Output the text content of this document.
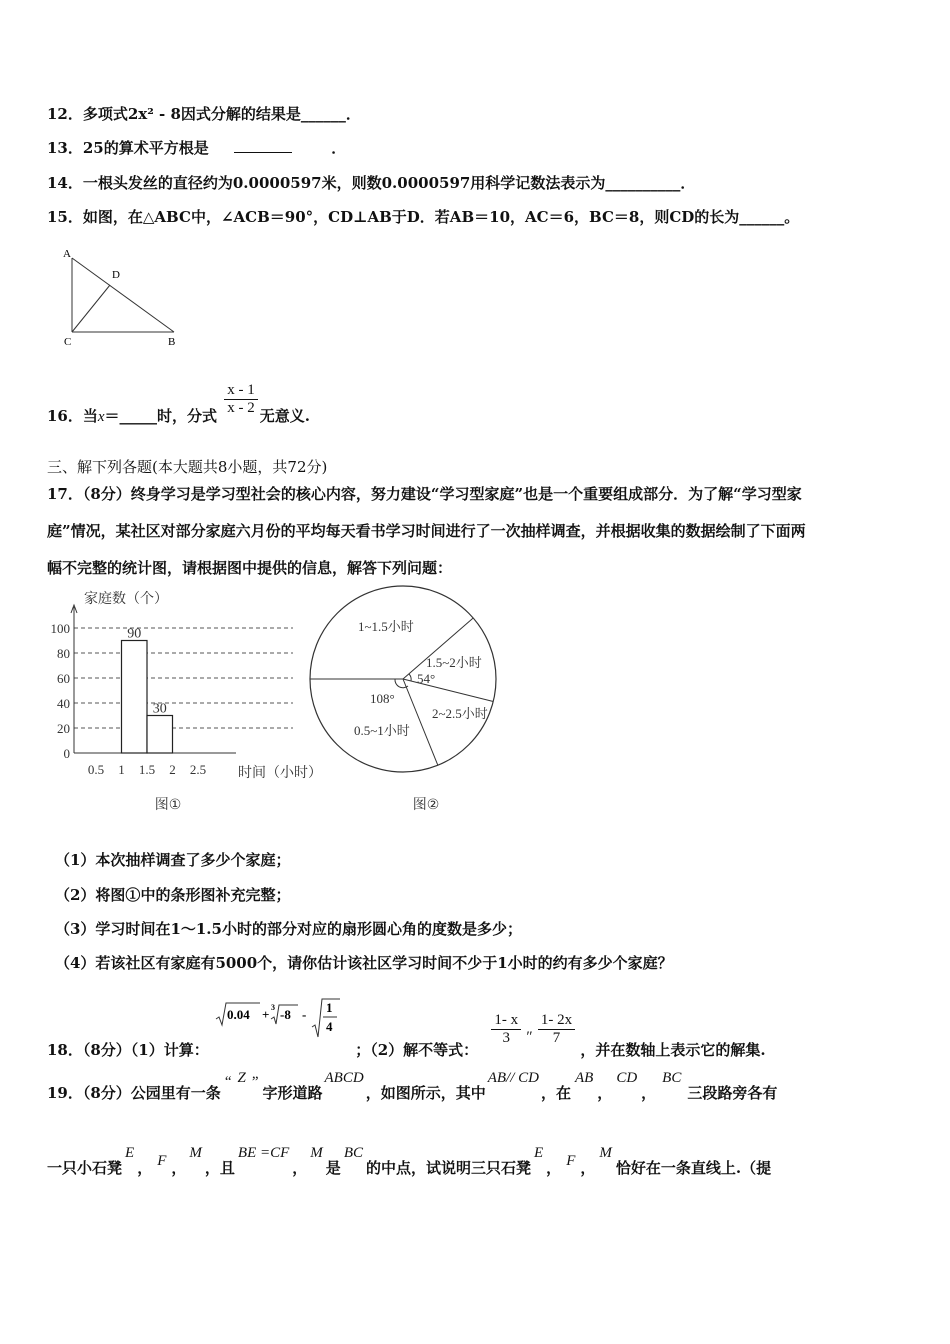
12．多项式2x² - 8因式分解的结果是______．
13．25的算术平方根是	．
14．一根头发丝的直径约为0.0000597米，则数0.0000597用科学记数法表示为__________．
15．如图，在△ABC中，∠ACB＝90°，CD⊥AB于D．若AB＝10，AC＝6，BC＝8，则CD的长为______。
A
D
C	B
16．当x＝_____时，分式 $\frac{x - 1}{x - 2}$ 无意义.
三、解下列各题(本大题共8小题，共72分)
17．（8分）终身学习是学习型社会的核心内容，努力建设“学习型家庭”也是一个重要组成部分．为了解“学习型家
庭”情况，某社区对部分家庭六月份的平均每天看书学习时间进行了一次抽样调查，并根据收集的数据绘制了下面两
幅不完整的统计图，请根据图中提供的信息，解答下列问题：
0
20
40
60
80
100
家庭数（个）
时间（小时）
0.5 1 1.5 2 2.5
90
30
图①
1~1.5小时
1.5~2小时
2~2.5小时
0.5~1小时
54°
108°
图②
（1）本次抽样调查了多少个家庭；
（2）将图①中的条形图补充完整；
（3）学习时间在1～1.5小时的部分对应的扇形圆心角的度数是多少；
（4）若该社区有家庭有5000个，请你估计该社区学习时间不少于1小时的约有多少个家庭？
18．（8分）（1）计算：
0.04 + 3 -8 - 1
4
；（2）解不等式：
$\frac{1- x}{3}$ ″ $\frac{1- 2x}{7}$
，并在数轴上表示它的解集.
19．（8分）公园里有一条“ Z ”字形道路ABCD，如图所示，其中AB// CD，在AB，CD，BC三段路旁各有
一只小石凳E， F ，M，且BE =CF，M是BC的中点，试说明三只石凳E， F ，M恰好在一条直线上.（提
